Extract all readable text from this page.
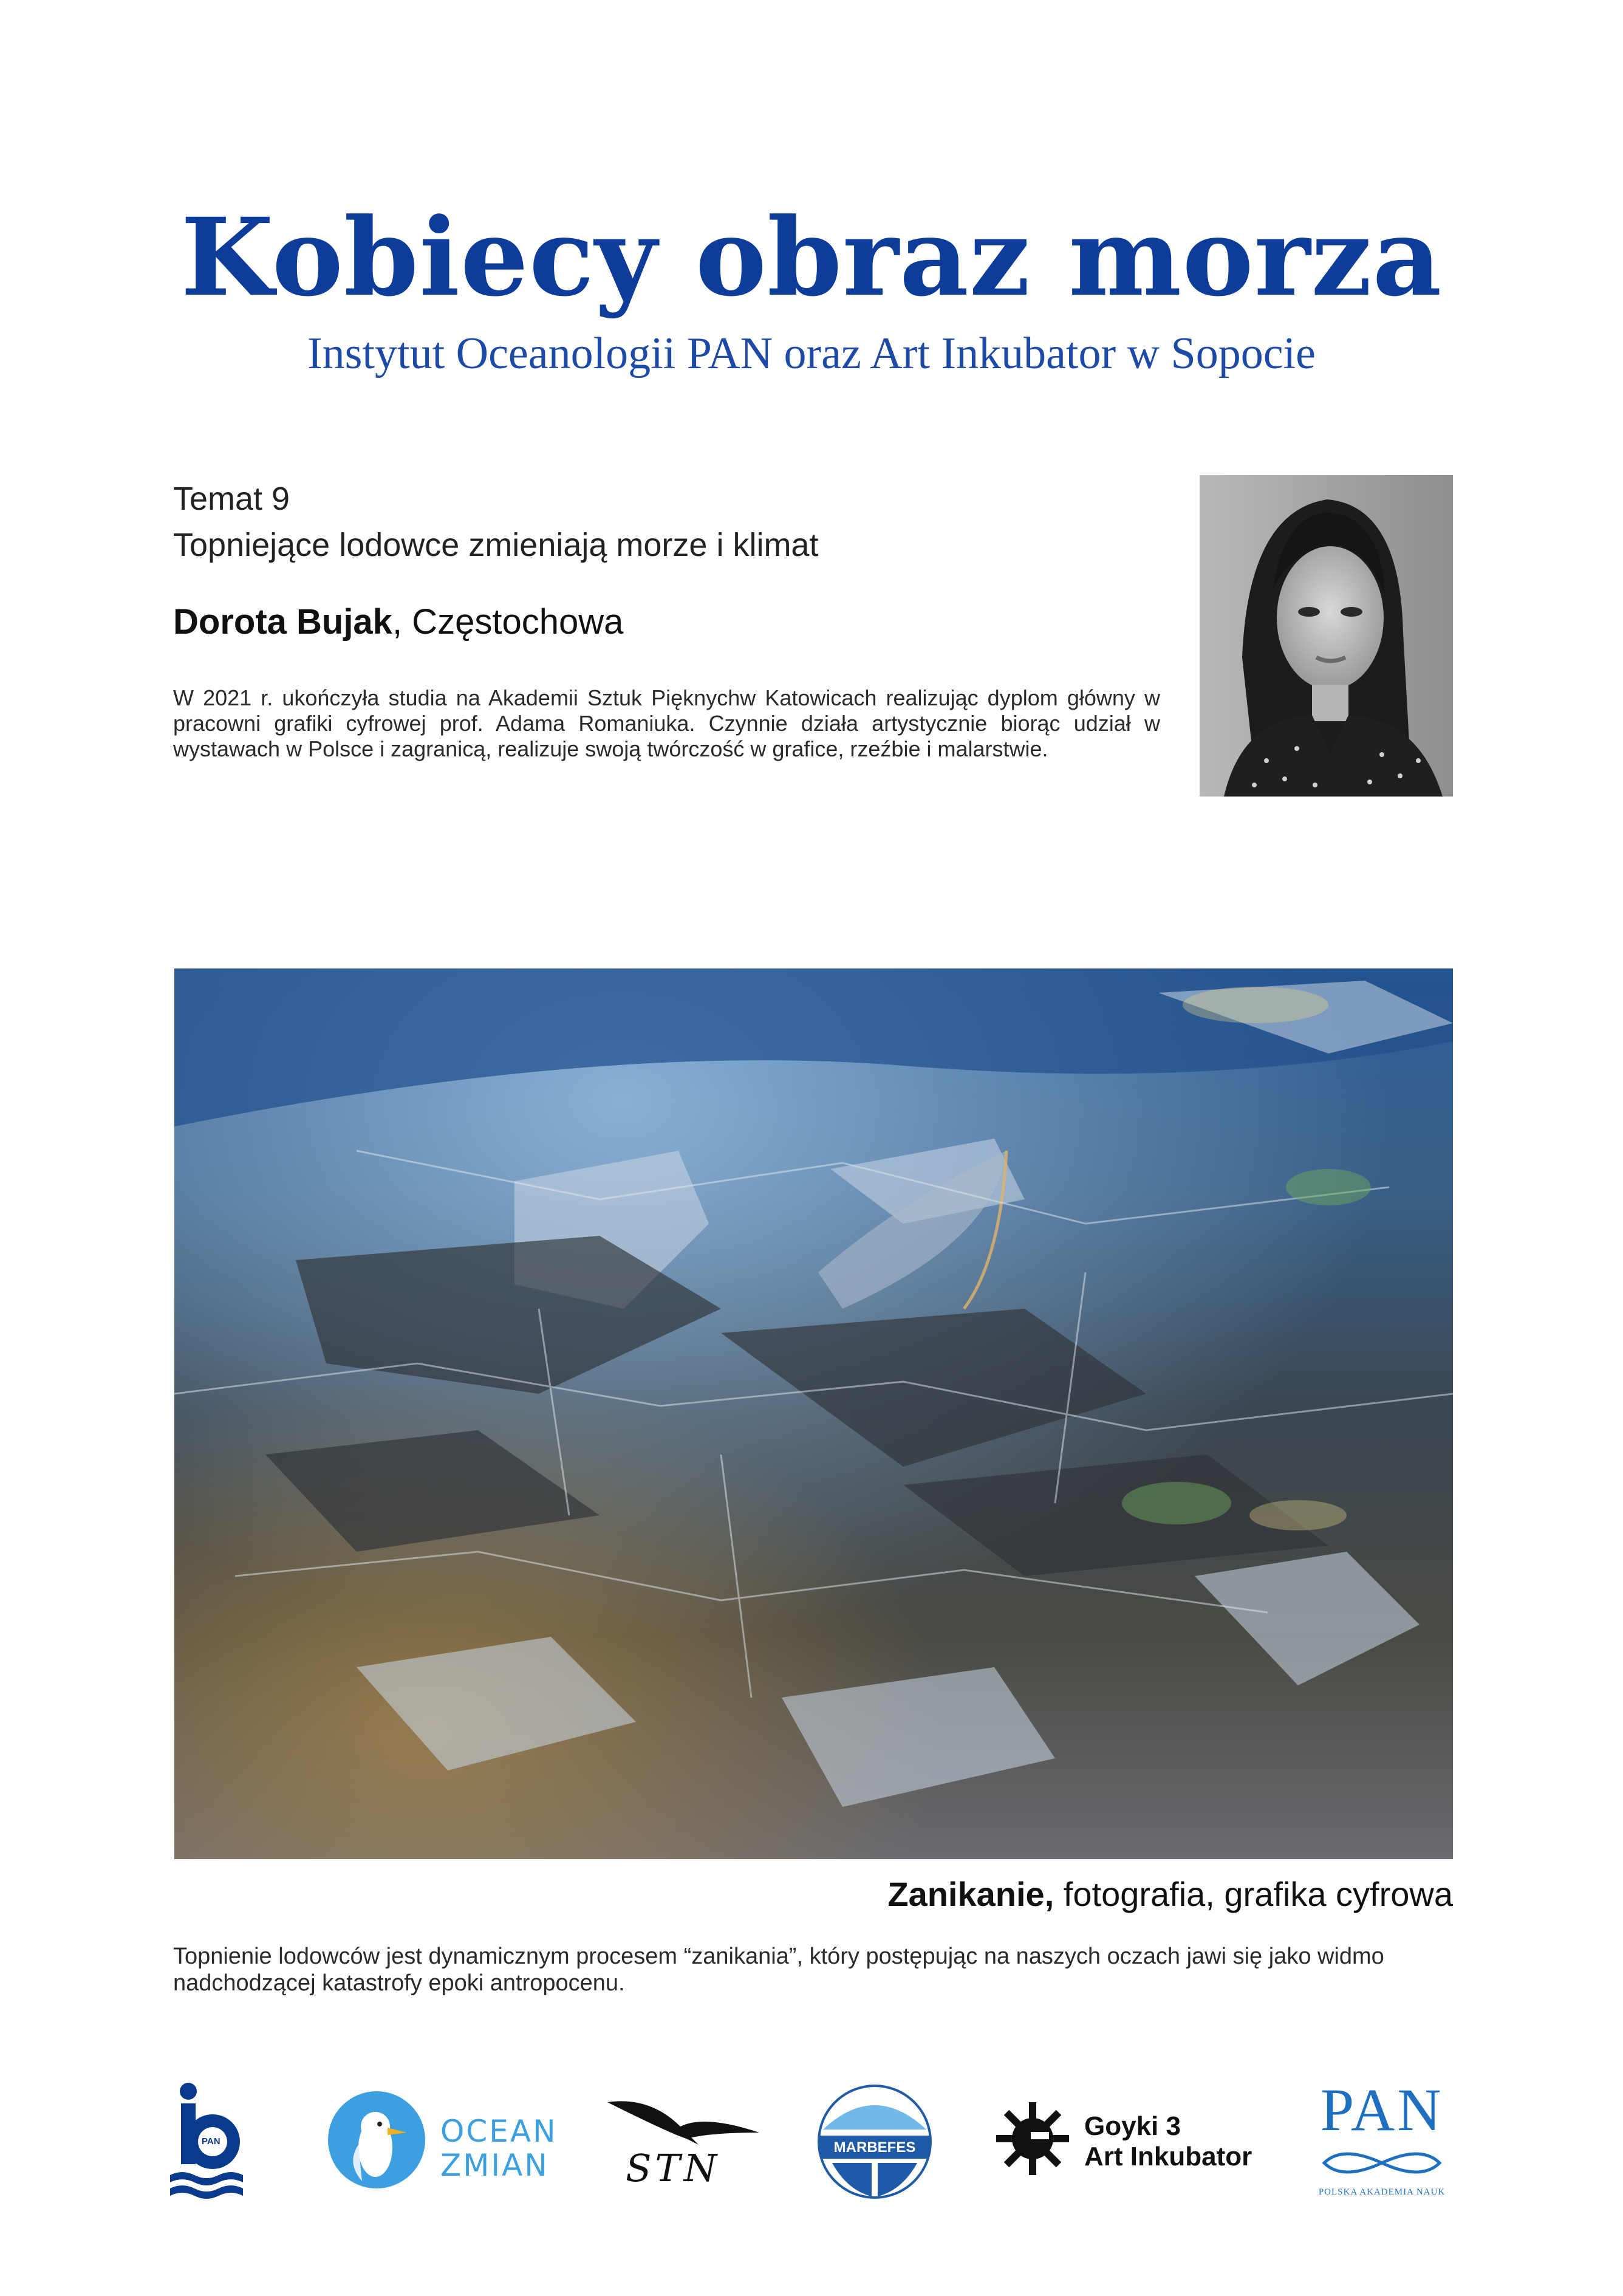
Kobiecy obraz morza
Instytut Oceanologii PAN oraz Art Inkubator w Sopocie
Temat 9
Topniejące lodowce zmieniają morze i klimat
Dorota Bujak, Częstochowa
W 2021 r. ukończyła studia na Akademii Sztuk Pięknychw Katowicach realizując dyplom główny w pracowni grafiki cyfrowej prof. Adama Romaniuka. Czynnie działa artystycznie biorąc udział w wystawach w Polsce i zagranicą, realizuje swoją twórczość w grafice, rzeźbie i malarstwie.
Zanikanie, fotografia, grafika cyfrowa
Topnienie lodowców jest dynamicznym procesem “zanikania”, który postępując na naszych oczach jawi się jako widmo nadchodzącej katastrofy epoki antropocenu.
PAN	OCEAN
ZMIAN STN	MARBEFES
Goyki 3
Art Inkubator
PAN
POLSKA AKADEMIA NAUK
